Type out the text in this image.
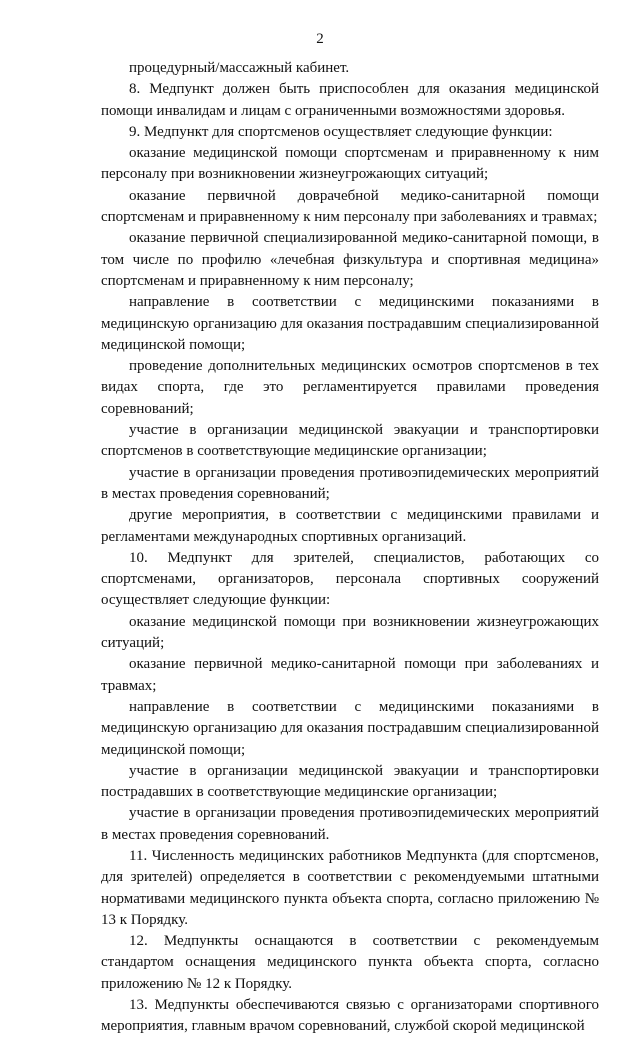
2

процедурный/массажный кабинет.

8. Медпункт должен быть приспособлен для оказания медицинской помощи инвалидам и лицам с ограниченными возможностями здоровья.

9. Медпункт для спортсменов осуществляет следующие функции:

оказание медицинской помощи спортсменам и приравненному к ним персоналу при возникновении жизнеугрожающих ситуаций;

оказание первичной доврачебной медико-санитарной помощи спортсменам и приравненному к ним персоналу при заболеваниях и травмах;

оказание первичной специализированной медико-санитарной помощи, в том числе по профилю «лечебная физкультура и спортивная медицина» спортсменам и приравненному к ним персоналу;

направление в соответствии с медицинскими показаниями в медицинскую организацию для оказания пострадавшим специализированной медицинской помощи;

проведение дополнительных медицинских осмотров спортсменов в тех видах спорта, где это регламентируется правилами проведения соревнований;

участие в организации медицинской эвакуации и транспортировки спортсменов в соответствующие медицинские организации;

участие в организации проведения противоэпидемических мероприятий в местах проведения соревнований;

другие мероприятия, в соответствии с медицинскими правилами и регламентами международных спортивных организаций.

10. Медпункт для зрителей, специалистов, работающих со спортсменами, организаторов, персонала спортивных сооружений осуществляет следующие функции:

оказание медицинской помощи при возникновении жизнеугрожающих ситуаций;

оказание первичной медико-санитарной помощи при заболеваниях и травмах;

направление в соответствии с медицинскими показаниями в медицинскую организацию для оказания пострадавшим специализированной медицинской помощи;

участие в организации медицинской эвакуации и транспортировки пострадавших в соответствующие медицинские организации;

участие в организации проведения противоэпидемических мероприятий в местах проведения соревнований.

11. Численность медицинских работников Медпункта (для спортсменов, для зрителей) определяется в соответствии с рекомендуемыми штатными нормативами медицинского пункта объекта спорта, согласно приложению № 13 к Порядку.

12. Медпункты оснащаются в соответствии с рекомендуемым стандартом оснащения медицинского пункта объекта спорта, согласно приложению № 12 к Порядку.

13. Медпункты обеспечиваются связью с организаторами спортивного мероприятия, главным врачом соревнований, службой скорой медицинской
